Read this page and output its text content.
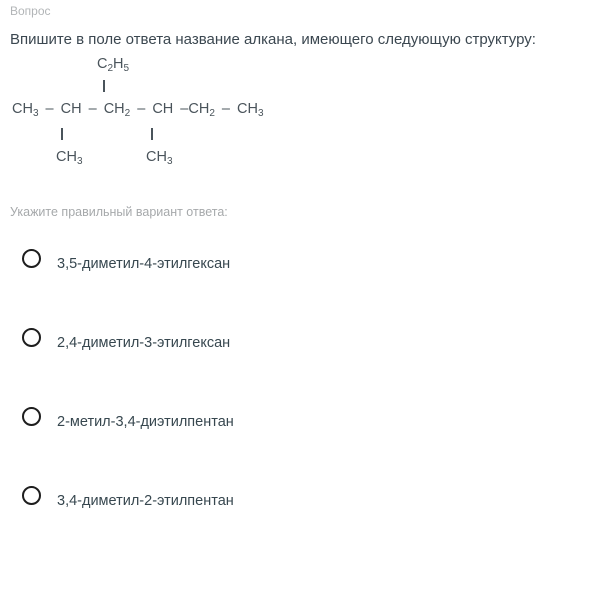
Вопрос
Впишите в поле ответа название алкана, имеющего следующую структуру:
$C_2H_5$
$CH_3$ – CH – $CH_2$ – CH $-CH_2 - CH_3$
$CH_3$	$CH_3$
Укажите правильный вариант ответа:
3,5-диметил-4-этилгексан
2,4-диметил-3-этилгексан
2-метил-3,4-диэтилпентан
3,4-диметил-2-этилпентан
